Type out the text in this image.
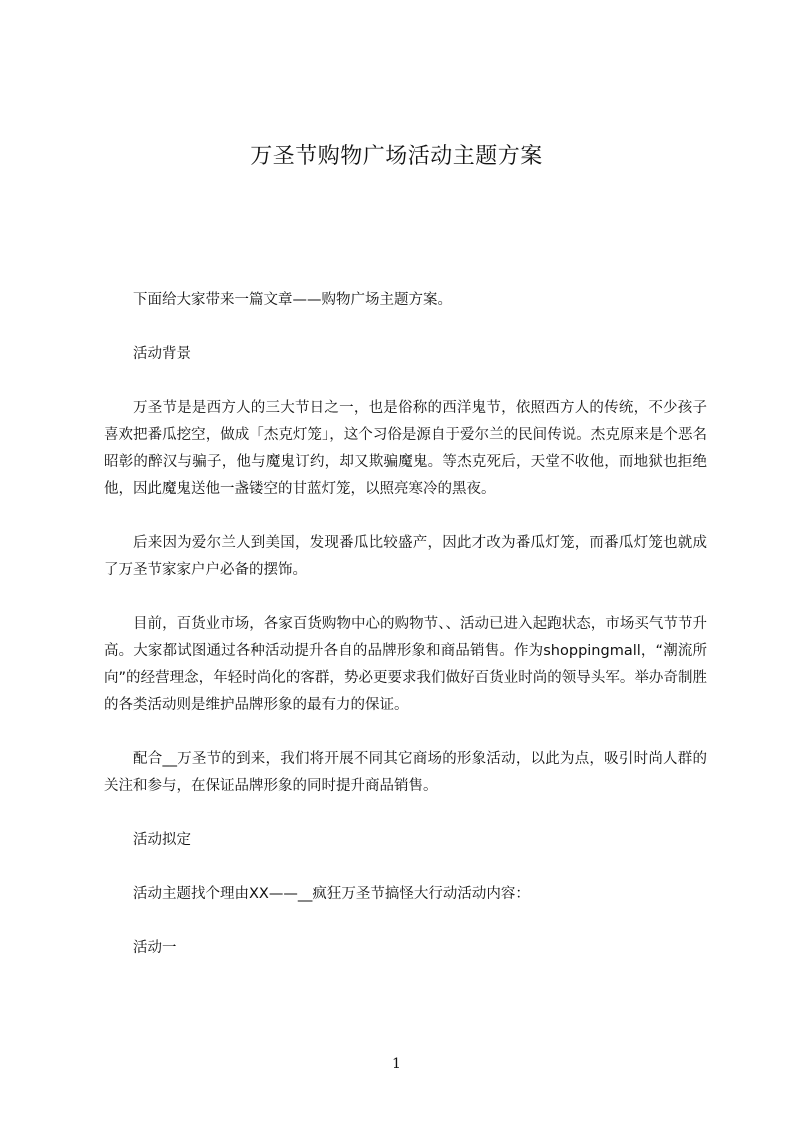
万圣节购物广场活动主题方案

下面给大家带来一篇文章——购物广场主题方案。

活动背景

万圣节是是西方人的三大节日之一，也是俗称的西洋鬼节，依照西方人的传统，不少孩子喜欢把番瓜挖空，做成「杰克灯笼」，这个习俗是源自于爱尔兰的民间传说。杰克原来是个恶名昭彰的醉汉与骗子，他与魔鬼订约，却又欺骗魔鬼。等杰克死后，天堂不收他，而地狱也拒绝他，因此魔鬼送他一盏镂空的甘蓝灯笼，以照亮寒冷的黑夜。

后来因为爱尔兰人到美国，发现番瓜比较盛产，因此才改为番瓜灯笼，而番瓜灯笼也就成了万圣节家家户户必备的摆饰。

目前，百货业市场，各家百货购物中心的购物节、、活动已进入起跑状态，市场买气节节升高。大家都试图通过各种活动提升各自的品牌形象和商品销售。作为shoppingmall，“潮流所向”的经营理念，年轻时尚化的客群，势必更要求我们做好百货业时尚的领导头军。举办奇制胜的各类活动则是维护品牌形象的最有力的保证。

配合__万圣节的到来，我们将开展不同其它商场的形象活动，以此为点，吸引时尚人群的关注和参与，在保证品牌形象的同时提升商品销售。

活动拟定

活动主题找个理由XX——__疯狂万圣节搞怪大行动活动内容：

活动一

1
